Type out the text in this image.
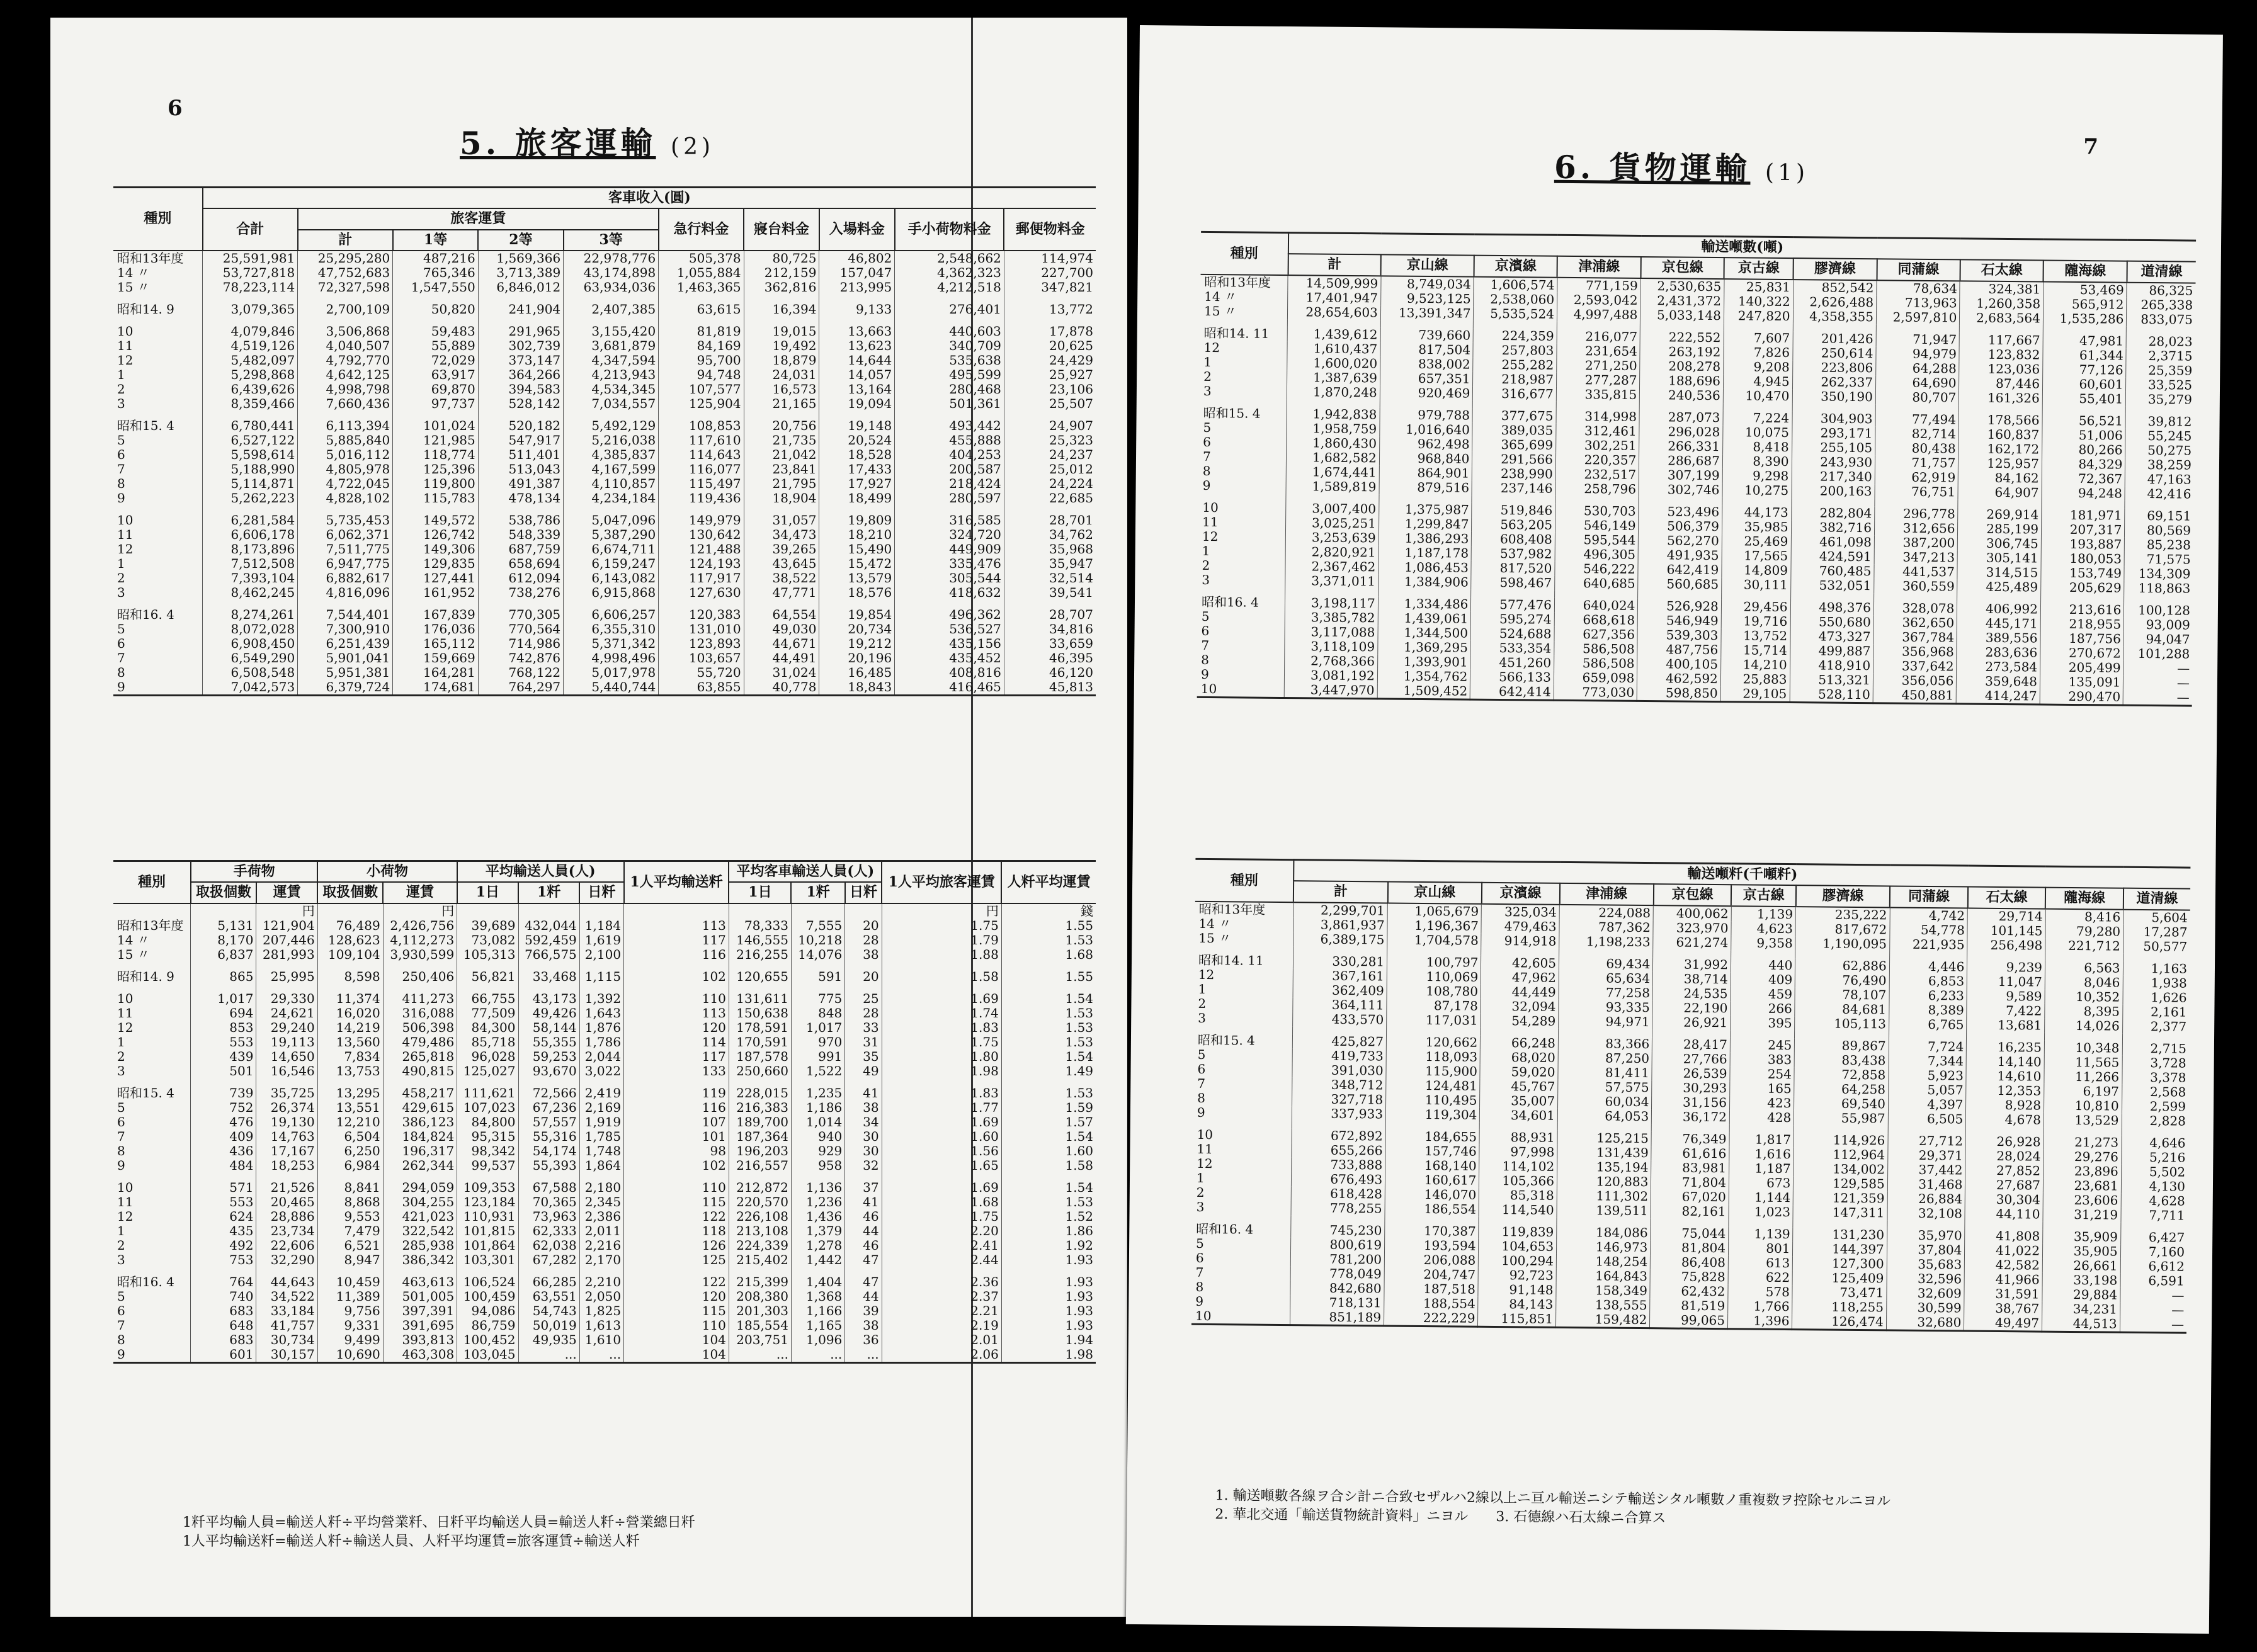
6
5. 旅客運輸 (2)
種別	客車收入(圓)									
	合計	旅客運賃				急行料金	寢台料金	入場料金	手小荷物料金	郵便物料金
		計	1等	2等	3等					
昭和13年度	25,591,981	25,295,280	487,216	1,569,366	22,978,776	505,378	80,725	46,802	2,548,662	114,974
14 〃	53,727,818	47,752,683	765,346	3,713,389	43,174,898	1,055,884	212,159	157,047	4,362,323	227,700
15 〃	78,223,114	72,327,598	1,547,550	6,846,012	63,934,036	1,463,365	362,816	213,995	4,212,518	347,821

昭和14. 9	3,079,365	2,700,109	50,820	241,904	2,407,385	63,615	16,394	9,133	276,401	13,772

10	4,079,846	3,506,868	59,483	291,965	3,155,420	81,819	19,015	13,663	440,603	17,878
11	4,519,126	4,040,507	55,889	302,739	3,681,879	84,169	19,492	13,623	340,709	20,625
12	5,482,097	4,792,770	72,029	373,147	4,347,594	95,700	18,879	14,644	535,638	24,429
1	5,298,868	4,642,125	63,917	364,266	4,213,943	94,748	24,031	14,057	495,599	25,927
2	6,439,626	4,998,798	69,870	394,583	4,534,345	107,577	16,573	13,164	280,468	23,106
3	8,359,466	7,660,436	97,737	528,142	7,034,557	125,904	21,165	19,094	501,361	25,507

昭和15. 4	6,780,441	6,113,394	101,024	520,182	5,492,129	108,853	20,756	19,148	493,442	24,907
5	6,527,122	5,885,840	121,985	547,917	5,216,038	117,610	21,735	20,524	455,888	25,323
6	5,598,614	5,016,112	118,774	511,401	4,385,837	114,643	21,042	18,528	404,253	24,237
7	5,188,990	4,805,978	125,396	513,043	4,167,599	116,077	23,841	17,433	200,587	25,012
8	5,114,871	4,722,045	119,800	491,387	4,110,857	115,497	21,795	17,927	218,424	24,224
9	5,262,223	4,828,102	115,783	478,134	4,234,184	119,436	18,904	18,499	280,597	22,685

10	6,281,584	5,735,453	149,572	538,786	5,047,096	149,979	31,057	19,809	316,585	28,701
11	6,606,178	6,062,371	126,742	548,339	5,387,290	130,642	34,473	18,210	324,720	34,762
12	8,173,896	7,511,775	149,306	687,759	6,674,711	121,488	39,265	15,490	449,909	35,968
1	7,512,508	6,947,775	129,835	658,694	6,159,247	124,193	43,645	15,472	335,476	35,947
2	7,393,104	6,882,617	127,441	612,094	6,143,082	117,917	38,522	13,579	305,544	32,514
3	8,462,245	4,816,096	161,952	738,276	6,915,868	127,630	47,771	18,576	418,632	39,541

昭和16. 4	8,274,261	7,544,401	167,839	770,305	6,606,257	120,383	64,554	19,854	496,362	28,707
5	8,072,028	7,300,910	176,036	770,564	6,355,310	131,010	49,030	20,734	536,527	34,816
6	6,908,450	6,251,439	165,112	714,986	5,371,342	123,893	44,671	19,212	435,156	33,659
7	6,549,290	5,901,041	159,669	742,876	4,998,496	103,657	44,491	20,196	435,452	46,395
8	6,508,548	5,951,381	164,281	768,122	5,017,978	55,720	31,024	16,485	408,816	46,120
9	7,042,573	6,379,724	174,681	764,297	5,440,744	63,855	40,778	18,843	416,465	45,813
種別	手荷物		小荷物		平均輸送人員(人)			1人平均輸送粁	平均客車輸送人員(人)			1人平均旅客運賃	人粁平均運賃
	取扱個數	運賃	取扱個數	運賃	1日	1粁	日粁		1日	1粁	日粁		
		円		円								円	錢
昭和13年度	5,131	121,904	76,489	2,426,756	39,689	432,044	1,184	113	78,333	7,555	20	1.75	1.55
14 〃	8,170	207,446	128,623	4,112,273	73,082	592,459	1,619	117	146,555	10,218	28	1.79	1.53
15 〃	6,837	281,993	109,104	3,930,599	105,313	766,575	2,100	116	216,255	14,076	38	1.88	1.68

昭和14. 9	865	25,995	8,598	250,406	56,821	33,468	1,115	102	120,655	591	20	1.58	1.55

10	1,017	29,330	11,374	411,273	66,755	43,173	1,392	110	131,611	775	25	1.69	1.54
11	694	24,621	16,020	316,088	77,509	49,426	1,643	113	150,638	848	28	1.74	1.53
12	853	29,240	14,219	506,398	84,300	58,144	1,876	120	178,591	1,017	33	1.83	1.53
1	553	19,113	13,560	479,486	85,718	55,355	1,786	114	170,591	970	31	1.75	1.53
2	439	14,650	7,834	265,818	96,028	59,253	2,044	117	187,578	991	35	1.80	1.54
3	501	16,546	13,753	490,815	125,027	93,670	3,022	133	250,660	1,522	49	1.98	1.49

昭和15. 4	739	35,725	13,295	458,217	111,621	72,566	2,419	119	228,015	1,235	41	1.83	1.53
5	752	26,374	13,551	429,615	107,023	67,236	2,169	116	216,383	1,186	38	1.77	1.59
6	476	19,130	12,210	386,123	84,800	57,557	1,919	107	189,700	1,014	34	1.69	1.57
7	409	14,763	6,504	184,824	95,315	55,316	1,785	101	187,364	940	30	1.60	1.54
8	436	17,167	6,250	196,317	98,342	54,174	1,748	98	196,203	929	30	1.56	1.60
9	484	18,253	6,984	262,344	99,537	55,393	1,864	102	216,557	958	32	1.65	1.58

10	571	21,526	8,841	294,059	109,353	67,588	2,180	110	212,872	1,136	37	1.69	1.54
11	553	20,465	8,868	304,255	123,184	70,365	2,345	115	220,570	1,236	41	1.68	1.53
12	624	28,886	9,553	421,023	110,931	73,963	2,386	122	226,108	1,436	46	1.75	1.52
1	435	23,734	7,479	322,542	101,815	62,333	2,011	118	213,108	1,379	44	2.20	1.86
2	492	22,606	6,521	285,938	101,864	62,038	2,216	126	224,339	1,278	46	2.41	1.92
3	753	32,290	8,947	386,342	103,301	67,282	2,170	125	215,402	1,442	47	2.44	1.93

昭和16. 4	764	44,643	10,459	463,613	106,524	66,285	2,210	122	215,399	1,404	47	2.36	1.93
5	740	34,522	11,389	501,005	100,459	63,551	2,050	120	208,380	1,368	44	2.37	1.93
6	683	33,184	9,756	397,391	94,086	54,743	1,825	115	201,303	1,166	39	2.21	1.93
7	648	41,757	9,331	391,695	86,759	50,019	1,613	110	185,554	1,165	38	2.19	1.93
8	683	30,734	9,499	393,813	100,452	49,935	1,610	104	203,751	1,096	36	2.01	1.94
9	601	30,157	10,690	463,308	103,045	...	...	104	...	...	...	2.06	1.98
1粁平均輸人員=輸送人粁÷平均營業粁、日粁平均輸送人員=輸送人粁÷營業總日粁
1人平均輸送粁=輸送人粁÷輸送人員、人粁平均運賃=旅客運賃÷輸送人粁
7
6. 貨物運輸 (1)
種別	輸送噸數(噸)										
	計	京山線	京濱線	津浦線	京包線	京古線	膠濟線	同蒲線	石太線	隴海線	道清線
昭和13年度	14,509,999	8,749,034	1,606,574	771,159	2,530,635	25,831	852,542	78,634	324,381	53,469	86,325
14 〃	17,401,947	9,523,125	2,538,060	2,593,042	2,431,372	140,322	2,626,488	713,963	1,260,358	565,912	265,338
15 〃	28,654,603	13,391,347	5,535,524	4,997,488	5,033,148	247,820	4,358,355	2,597,810	2,683,564	1,535,286	833,075

昭和14. 11	1,439,612	739,660	224,359	216,077	222,552	7,607	201,426	71,947	117,667	47,981	28,023
12	1,610,437	817,504	257,803	231,654	263,192	7,826	250,614	94,979	123,832	61,344	2,3715
1	1,600,020	838,002	255,282	271,250	208,278	9,208	223,806	64,288	123,036	77,126	25,359
2	1,387,639	657,351	218,987	277,287	188,696	4,945	262,337	64,690	87,446	60,601	33,525
3	1,870,248	920,469	316,677	335,815	240,536	10,470	350,190	80,707	161,326	55,401	35,279

昭和15. 4	1,942,838	979,788	377,675	314,998	287,073	7,224	304,903	77,494	178,566	56,521	39,812
5	1,958,759	1,016,640	389,035	312,461	296,028	10,075	293,171	82,714	160,837	51,006	55,245
6	1,860,430	962,498	365,699	302,251	266,331	8,418	255,105	80,438	162,172	80,266	50,275
7	1,682,582	968,840	291,566	220,357	286,687	8,390	243,930	71,757	125,957	84,329	38,259
8	1,674,441	864,901	238,990	232,517	307,199	9,298	217,340	62,919	84,162	72,367	47,163
9	1,589,819	879,516	237,146	258,796	302,746	10,275	200,163	76,751	64,907	94,248	42,416

10	3,007,400	1,375,987	519,846	530,703	523,496	44,173	282,804	296,778	269,914	181,971	69,151
11	3,025,251	1,299,847	563,205	546,149	506,379	35,985	382,716	312,656	285,199	207,317	80,569
12	3,253,639	1,386,293	608,408	595,544	562,270	25,469	461,098	387,200	306,745	193,887	85,238
1	2,820,921	1,187,178	537,982	496,305	491,935	17,565	424,591	347,213	305,141	180,053	71,575
2	2,367,462	1,086,453	817,520	546,222	642,419	14,809	760,485	441,537	314,515	153,749	134,309
3	3,371,011	1,384,906	598,467	640,685	560,685	30,111	532,051	360,559	425,489	205,629	118,863

昭和16. 4	3,198,117	1,334,486	577,476	640,024	526,928	29,456	498,376	328,078	406,992	213,616	100,128
5	3,385,782	1,439,061	595,274	668,618	546,949	19,716	550,680	362,650	445,171	218,955	93,009
6	3,117,088	1,344,500	524,688	627,356	539,303	13,752	473,327	367,784	389,556	187,756	94,047
7	3,118,109	1,369,295	533,354	586,508	487,756	15,714	499,887	356,968	283,636	270,672	101,288
8	2,768,366	1,393,901	451,260	586,508	400,105	14,210	418,910	337,642	273,584	205,499	—
9	3,081,192	1,354,762	566,133	659,098	462,592	25,883	513,321	356,056	359,648	135,091	—
10	3,447,970	1,509,452	642,414	773,030	598,850	29,105	528,110	450,881	414,247	290,470	—
種別	輸送噸粁(千噸粁)										
	計	京山線	京濱線	津浦線	京包線	京古線	膠濟線	同蒲線	石太線	隴海線	道清線
昭和13年度	2,299,701	1,065,679	325,034	224,088	400,062	1,139	235,222	4,742	29,714	8,416	5,604
14 〃	3,861,937	1,196,367	479,463	787,362	323,970	4,623	817,672	54,778	101,145	79,280	17,287
15 〃	6,389,175	1,704,578	914,918	1,198,233	621,274	9,358	1,190,095	221,935	256,498	221,712	50,577

昭和14. 11	330,281	100,797	42,605	69,434	31,992	440	62,886	4,446	9,239	6,563	1,163
12	367,161	110,069	47,962	65,634	38,714	409	76,490	6,853	11,047	8,046	1,938
1	362,409	108,780	44,449	77,258	24,535	459	78,107	6,233	9,589	10,352	1,626
2	364,111	87,178	32,094	93,335	22,190	266	84,681	8,389	7,422	8,395	2,161
3	433,570	117,031	54,289	94,971	26,921	395	105,113	6,765	13,681	14,026	2,377

昭和15. 4	425,827	120,662	66,248	83,366	28,417	245	89,867	7,724	16,235	10,348	2,715
5	419,733	118,093	68,020	87,250	27,766	383	83,438	7,344	14,140	11,565	3,728
6	391,030	115,900	59,020	81,411	26,539	254	72,858	5,923	14,610	11,266	3,378
7	348,712	124,481	45,767	57,575	30,293	165	64,258	5,057	12,353	6,197	2,568
8	327,718	110,495	35,007	60,034	31,156	423	69,540	4,397	8,928	10,810	2,599
9	337,933	119,304	34,601	64,053	36,172	428	55,987	6,505	4,678	13,529	2,828

10	672,892	184,655	88,931	125,215	76,349	1,817	114,926	27,712	26,928	21,273	4,646
11	655,266	157,746	97,998	131,439	61,616	1,616	112,964	29,371	28,024	29,276	5,216
12	733,888	168,140	114,102	135,194	83,981	1,187	134,002	37,442	27,852	23,896	5,502
1	676,493	160,617	105,366	120,883	71,804	673	129,585	31,468	27,687	23,681	4,130
2	618,428	146,070	85,318	111,302	67,020	1,144	121,359	26,884	30,304	23,606	4,628
3	778,255	186,554	114,540	139,511	82,161	1,023	147,311	32,108	44,110	31,219	7,711

昭和16. 4	745,230	170,387	119,839	184,086	75,044	1,139	131,230	35,970	41,808	35,909	6,427
5	800,619	193,594	104,653	146,973	81,804	801	144,397	37,804	41,022	35,905	7,160
6	781,200	206,088	100,294	148,254	86,408	613	127,300	35,683	42,582	26,661	6,612
7	778,049	204,747	92,723	164,843	75,828	622	125,409	32,596	41,966	33,198	6,591
8	842,680	187,518	91,148	158,349	62,432	578	73,471	32,609	31,591	29,884	—
9	718,131	188,554	84,143	138,555	81,519	1,766	118,255	30,599	38,767	34,231	—
10	851,189	222,229	115,851	159,482	99,065	1,396	126,474	32,680	49,497	44,513	—
1. 輸送噸數各線ヲ合シ計ニ合致セザルハ2線以上ニ亘ル輸送ニシテ輸送シタル噸數ノ重複数ヲ控除セルニヨル
2. 華北交通「輸送貨物統計資料」ニヨル　　3. 石德線ハ石太線ニ合算ス
